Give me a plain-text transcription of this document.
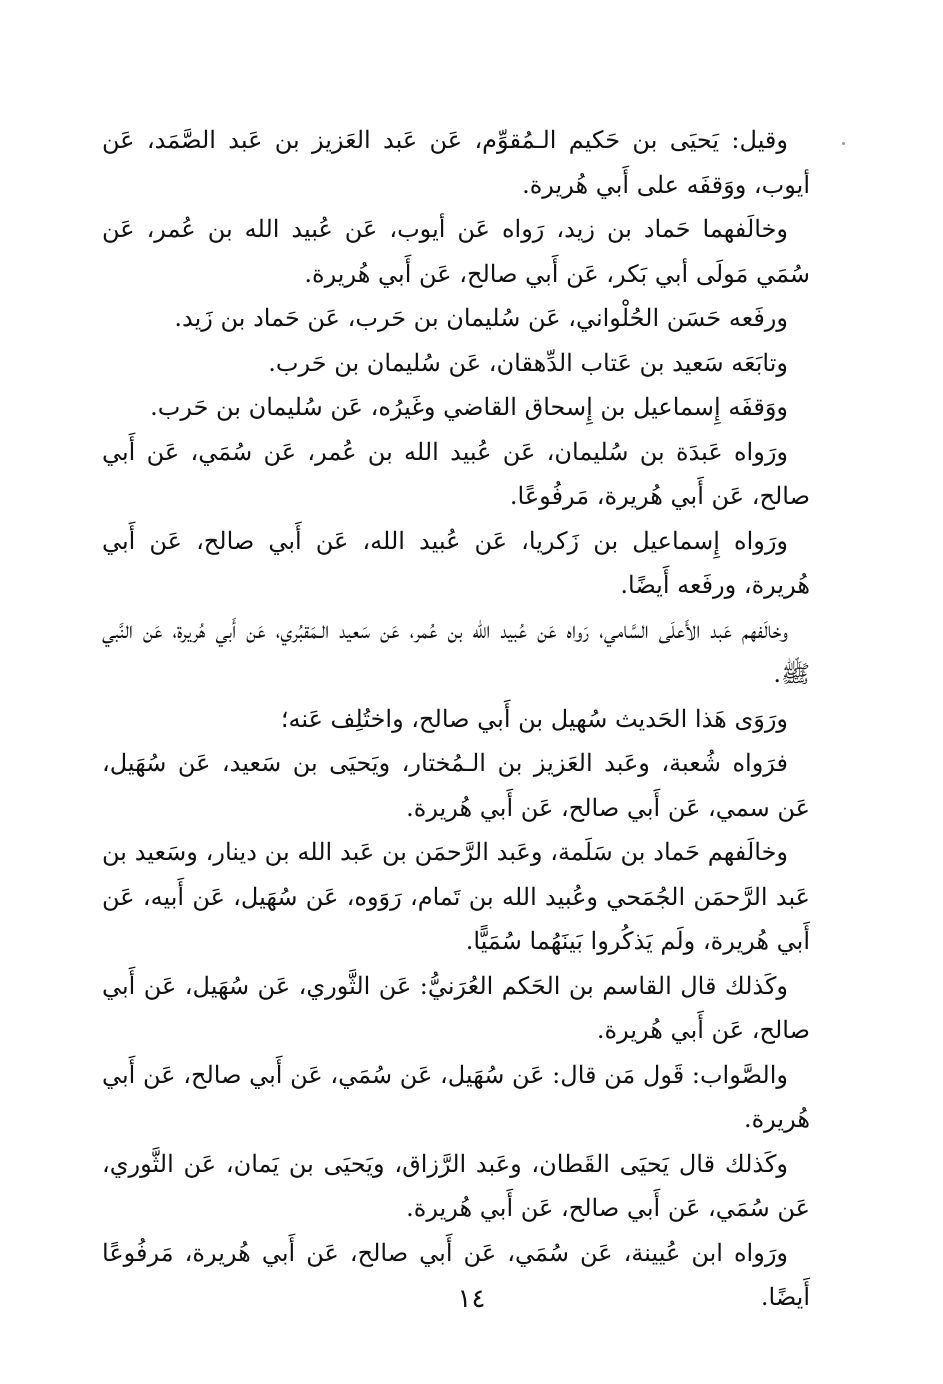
وقيل: يَحيَى بن حَكيم الـمُقوِّم، عَن عَبد العَزيز بن عَبد الصَّمَد، عَن أيوب، ووَقفَه على أَبي هُريرة.

وخالَفهما حَماد بن زيد، رَواه عَن أيوب، عَن عُبيد الله بن عُمر، عَن سُمَي مَولَى أبي بَكر، عَن أَبي صالح، عَن أَبي هُريرة.

ورفَعه حَسَن الحُلْواني، عَن سُليمان بن حَرب، عَن حَماد بن زَيد.

وتابَعَه سَعيد بن عَتاب الدِّهقان، عَن سُليمان بن حَرب.

ووَقفَه إِسماعيل بن إِسحاق القاضي وغَيرُه، عَن سُليمان بن حَرب.

ورَواه عَبدَة بن سُليمان، عَن عُبيد الله بن عُمر، عَن سُمَي، عَن أَبي صالح، عَن أَبي هُريرة، مَرفُوعًا.

ورَواه إِسماعيل بن زَكريا، عَن عُبيد الله، عَن أَبي صالح، عَن أَبي هُريرة، ورفَعه أَيضًا.

وخالَفهم عَبد الأَعلَى السَّامي، رَواه عَن عُبيد الله بن عُمر، عَن سَعيد الـمَقبُري، عَن أَبي هُريرة، عَن النَّبي ﷺ.

ورَوَى هَذا الحَديث سُهيل بن أَبي صالح، واختُلِف عَنه؛

فرَواه شُعبة، وعَبد العَزيز بن الـمُختار، ويَحيَى بن سَعيد، عَن سُهَيل، عَن سمي، عَن أَبي صالح، عَن أَبي هُريرة.

وخالَفهم حَماد بن سَلَمة، وعَبد الرَّحمَن بن عَبد الله بن دينار، وسَعيد بن عَبد الرَّحمَن الجُمَحي وعُبيد الله بن تَمام، رَوَوه، عَن سُهَيل، عَن أَبيه، عَن أَبي هُريرة، ولَم يَذكُروا بَينَهُما سُمَيًّا.

وكَذلك قال القاسم بن الحَكم العُرَنيُّ: عَن الثَّوري، عَن سُهَيل، عَن أَبي صالح، عَن أَبي هُريرة.

والصَّواب: قَول مَن قال: عَن سُهَيل، عَن سُمَي، عَن أَبي صالح، عَن أَبي هُريرة.

وكَذلك قال يَحيَى القَطان، وعَبد الرَّزاق، ويَحيَى بن يَمان، عَن الثَّوري، عَن سُمَي، عَن أَبي صالح، عَن أَبي هُريرة.

ورَواه ابن عُيينة، عَن سُمَي، عَن أَبي صالح، عَن أَبي هُريرة، مَرفُوعًا أَيضًا.

١٤
